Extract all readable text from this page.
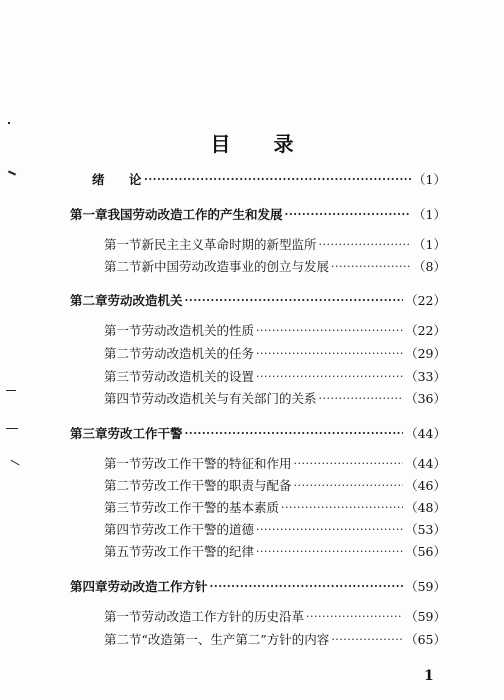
目 录
绪 论 ·····	（1）
第一章 我国劳动改造工作的产生和发展 ·····	（1）
第一节 新民主主义革命时期的新型监所 ·····	（1）
第二节 新中国劳动改造事业的创立与发展 ·····	（8）
第二章 劳动改造机关 ·····	（22）
第一节 劳动改造机关的性质 ·····	（22）
第二节 劳动改造机关的任务 ·····	（29）
第三节 劳动改造机关的设置 ·····	（33）
第四节 劳动改造机关与有关部门的关系 ·····	（36）
第三章 劳改工作干警 ·····	（44）
第一节 劳改工作干警的特征和作用 ·····	（44）
第二节 劳改工作干警的职责与配备 ·····	（46）
第三节 劳改工作干警的基本素质 ·····	（48）
第四节 劳改工作干警的道德 ·····	（53）
第五节 劳改工作干警的纪律 ·····	（56）
第四章 劳动改造工作方针 ·····	（59）
第一节 劳动改造工作方针的历史沿革 ·····	（59）
第二节 “改造第一、生产第二”方针的内容 ·····	（65）
1
